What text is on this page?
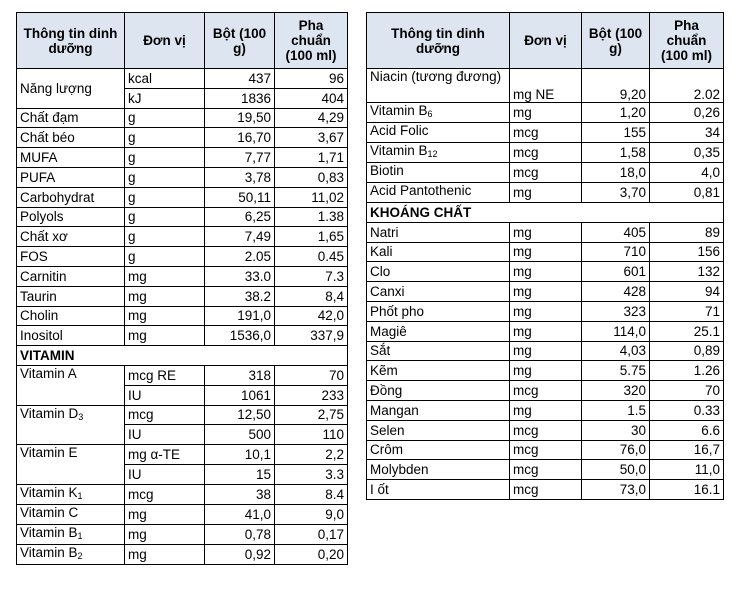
Thông tin dinh dưỡng	Đơn vị	Bột (100 g)	Pha chuẩn (100 ml)
Năng lượng	kcal	437	96
	kJ	1836	404
Chất đạm	g	19,50	4,29
Chất béo	g	16,70	3,67
MUFA	g	7,77	1,71
PUFA	g	3,78	0,83
Carbohydrat	g	50,11	11,02
Polyols	g	6,25	1.38
Chất xơ	g	7,49	1,65
FOS	g	2.05	0.45
Carnitin	mg	33.0	7.3
Taurin	mg	38.2	8,4
Cholin	mg	191,0	42,0
Inositol	mg	1536,0	337,9
VITAMIN			
Vitamin A	mcg RE	318	70
	IU	1061	233
Vitamin $D_3$	mcg	12,50	2,75
	IU	500	110
Vitamin E	mg α-TE	10,1	2,2
	IU	15	3.3
Vitamin $K_1$	mcg	38	8.4
Vitamin C	mg	41,0	9,0
Vitamin $B_1$	mg	0,78	0,17
Vitamin $B_2$	mg	0,92	0,20
Thông tin dinh dưỡng	Đơn vị	Bột (100 g)	Pha chuẩn (100 ml)
Niacin (tương đương)	mg NE	9,20	2.02
Vitamin $B_6$	mg	1,20	0,26
Acid Folic	mcg	155	34
Vitamin $B_{12}$	mcg	1,58	0,35
Biotin	mcg	18,0	4,0
Acid Pantothenic	mg	3,70	0,81
KHOÁNG CHẤT			
Natri	mg	405	89
Kali	mg	710	156
Clo	mg	601	132
Canxi	mg	428	94
Phốt pho	mg	323	71
Magiê	mg	114,0	25.1
Sắt	mg	4,03	0,89
Kẽm	mg	5.75	1.26
Đồng	mcg	320	70
Mangan	mg	1.5	0.33
Selen	mcg	30	6.6
Crôm	mcg	76,0	16,7
Molybden	mcg	50,0	11,0
I ốt	mcg	73,0	16.1
